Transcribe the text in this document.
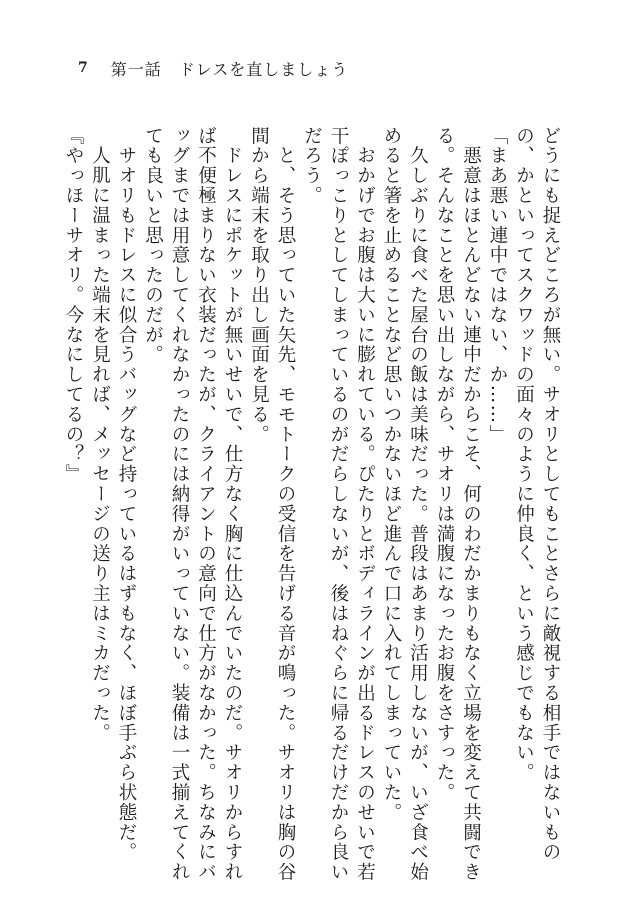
7 第一話　ドレスを直しましょう

どうにも捉えどころが無い。サオリとしてもことさらに敵視する相手ではないものの、かといってスクワッドの面々のように仲良く、という感じでもない。

「まあ悪い連中ではない、か……」

　悪意はほとんどない連中だからこそ、何のわだかまりもなく立場を変えて共闘できる。そんなことを思い出しながら、サオリは満腹になったお腹をさすった。

　久しぶりに食べた屋台の飯は美味だった。普段はあまり活用しないが、いざ食べ始めると箸を止めることなど思いつかないほど進んで口に入れてしまっていた。

　おかげでお腹は大いに膨れている。ぴたりとボディラインが出るドレスのせいで若干ぽっこりとしてしまっているのがだらしないが、後はねぐらに帰るだけだから良いだろう。

　と、そう思っていた矢先、モモトークの受信を告げる音が鳴った。サオリは胸の谷間から端末を取り出し画面を見る。

　ドレスにポケットが無いせいで、仕方なく胸に仕込んでいたのだ。サオリからすれば不便極まりない衣装だったが、クライアントの意向で仕方がなかった。ちなみにバッグまでは用意してくれなかったのには納得がいっていない。装備は一式揃えてくれても良いと思ったのだが。

　サオリもドレスに似合うバッグなど持っているはずもなく、ほぼ手ぶら状態だ。

　人肌に温まった端末を見れば、メッセージの送り主はミカだった。

『やっほーサオリ。今なにしてるの？』
